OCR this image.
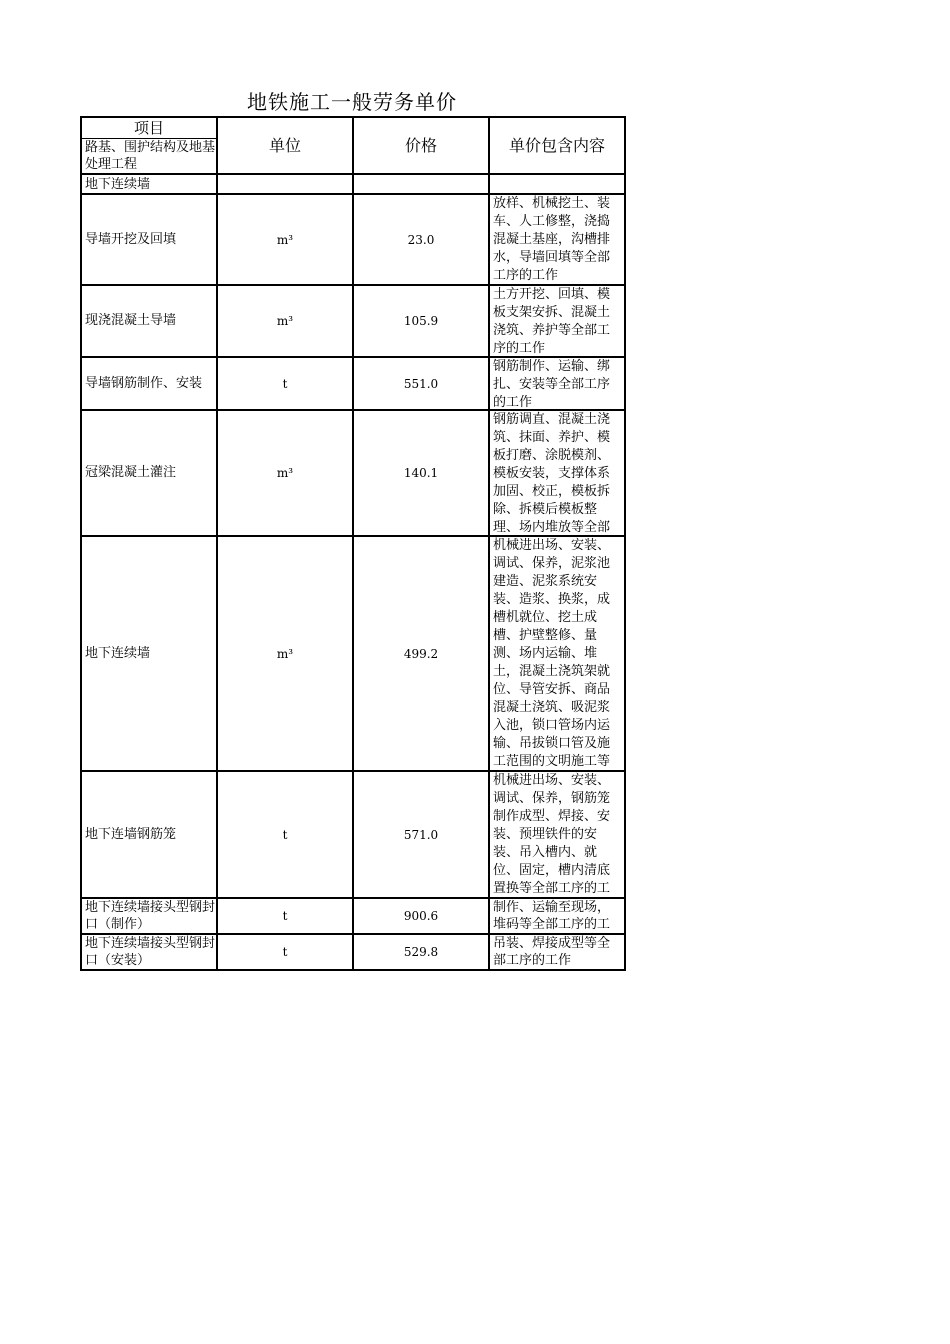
地铁施工一般劳务单价
项目
路基、围护结构及地基处理工程	单位	价格	单价包含内容
地下连续墙			
导墙开挖及回填	m³	23.0	放样、机械挖土、装车、人工修整，浇捣混凝土基座，沟槽排水，导墙回填等全部工序的工作

现浇混凝土导墙	m³	105.9	土方开挖、回填、模板支架安拆、混凝土浇筑、养护等全部工序的工作

导墙钢筋制作、安装	t	551.0	钢筋制作、运输、绑扎、安装等全部工序的工作

冠梁混凝土灌注	m³	140.1	钢筋调直、混凝土浇筑、抹面、养护、模板打磨、涂脱模剂、模板安装，支撑体系加固、校正，模板拆除、拆模后模板整理、场内堆放等全部

地下连续墙	m³	499.2	机械进出场、安装、调试、保养，泥浆池建造、泥浆系统安装、造浆、换浆，成槽机就位、挖土成槽、护壁整修、量测、场内运输、堆土，混凝土浇筑架就位、导管安拆、商品混凝土浇筑、吸泥浆入池，锁口管场内运输、吊拔锁口管及施工范围的文明施工等

地下连墙钢筋笼	t	571.0	机械进出场、安装、调试、保养，钢筋笼制作成型、焊接、安装、预埋铁件的安装、吊入槽内、就位、固定，槽内清底置换等全部工序的工

地下连续墙接头型钢封口（制作）	t	900.6	制作、运输至现场，堆码等全部工序的工

地下连续墙接头型钢封口（安装）	t	529.8	吊装、焊接成型等全部工序的工作
